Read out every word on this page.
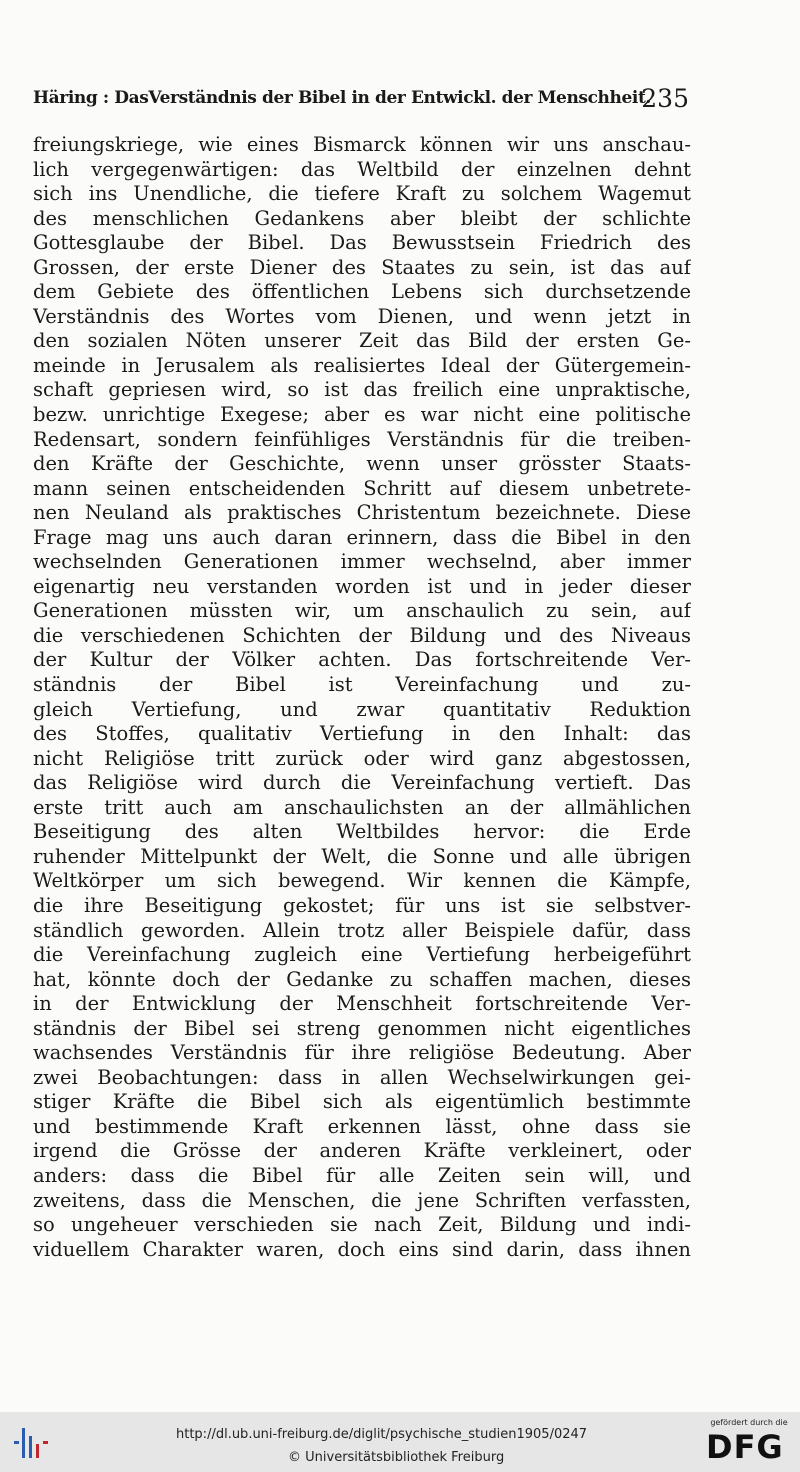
Häring : DasVerständnis der Bibel in der Entwickl. der Menschheit.
235
freiungskriege, wie eines Bismarck können wir uns anschau-
lich vergegenwärtigen: das Weltbild der einzelnen dehnt
sich ins Unendliche, die tiefere Kraft zu solchem Wagemut
des menschlichen Gedankens aber bleibt der schlichte
Gottesglaube der Bibel. Das Bewusstsein Friedrich des
Grossen, der erste Diener des Staates zu sein, ist das auf
dem Gebiete des öffentlichen Lebens sich durchsetzende
Verständnis des Wortes vom Dienen, und wenn jetzt in
den sozialen Nöten unserer Zeit das Bild der ersten Ge-
meinde in Jerusalem als realisiertes Ideal der Gütergemein-
schaft gepriesen wird, so ist das freilich eine unpraktische,
bezw. unrichtige Exegese; aber es war nicht eine politische
Redensart, sondern feinfühliges Verständnis für die treiben-
den Kräfte der Geschichte, wenn unser grösster Staats-
mann seinen entscheidenden Schritt auf diesem unbetrete-
nen Neuland als praktisches Christentum bezeichnete. Diese
Frage mag uns auch daran erinnern, dass die Bibel in den
wechselnden Generationen immer wechselnd, aber immer
eigenartig neu verstanden worden ist und in jeder dieser
Generationen müssten wir, um anschaulich zu sein, auf
die verschiedenen Schichten der Bildung und des Niveaus
der Kultur der Völker achten. Das fortschreitende Ver-
ständnis der Bibel ist Vereinfachung und zu-
gleich Vertiefung, und zwar quantitativ Reduktion
des Stoffes, qualitativ Vertiefung in den Inhalt: das
nicht Religiöse tritt zurück oder wird ganz abgestossen,
das Religiöse wird durch die Vereinfachung vertieft. Das
erste tritt auch am anschaulichsten an der allmählichen
Beseitigung des alten Weltbildes hervor: die Erde
ruhender Mittelpunkt der Welt, die Sonne und alle übrigen
Weltkörper um sich bewegend. Wir kennen die Kämpfe,
die ihre Beseitigung gekostet; für uns ist sie selbstver-
ständlich geworden. Allein trotz aller Beispiele dafür, dass
die Vereinfachung zugleich eine Vertiefung herbeigeführt
hat, könnte doch der Gedanke zu schaffen machen, dieses
in der Entwicklung der Menschheit fortschreitende Ver-
ständnis der Bibel sei streng genommen nicht eigentliches
wachsendes Verständnis für ihre religiöse Bedeutung. Aber
zwei Beobachtungen: dass in allen Wechselwirkungen gei-
stiger Kräfte die Bibel sich als eigentümlich bestimmte
und bestimmende Kraft erkennen lässt, ohne dass sie
irgend die Grösse der anderen Kräfte verkleinert, oder
anders: dass die Bibel für alle Zeiten sein will, und
zweitens, dass die Menschen, die jene Schriften verfassten,
so ungeheuer verschieden sie nach Zeit, Bildung und indi-
viduellem Charakter waren, doch eins sind darin, dass ihnen
http://dl.ub.uni-freiburg.de/diglit/psychische_studien1905/0247
© Universitätsbibliothek Freiburg
gefördert durch die
DFG
